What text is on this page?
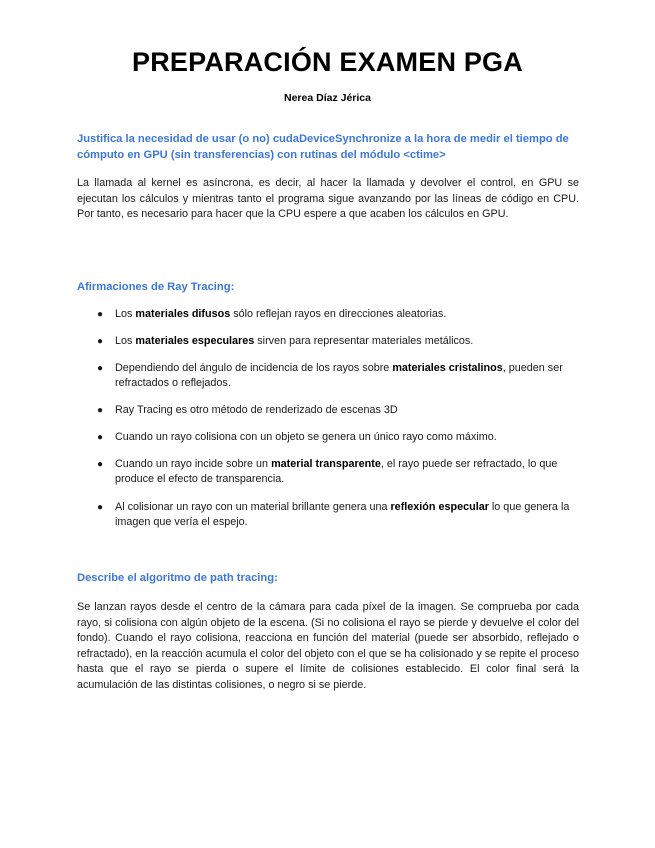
PREPARACIÓN EXAMEN PGA

Nerea Díaz Jérica

Justifica la necesidad de usar (o no) cudaDeviceSynchronize a la hora de medir el tiempo de cómputo en GPU (sin transferencias) con rutinas del módulo <ctime>

La llamada al kernel es asíncrona, es decir, al hacer la llamada y devolver el control, en GPU se ejecutan los cálculos y mientras tanto el programa sigue avanzando por las líneas de código en CPU. Por tanto, es necesario para hacer que la CPU espere a que acaben los cálculos en GPU.

Afirmaciones de Ray Tracing:

● Los materiales difusos sólo reflejan rayos en direcciones aleatorias.
● Los materiales especulares sirven para representar materiales metálicos.
● Dependiendo del ángulo de incidencia de los rayos sobre materiales cristalinos, pueden ser refractados o reflejados.
● Ray Tracing es otro método de renderizado de escenas 3D
● Cuando un rayo colisiona con un objeto se genera un único rayo como máximo.
● Cuando un rayo incide sobre un material transparente, el rayo puede ser refractado, lo que produce el efecto de transparencia.
● Al colisionar un rayo con un material brillante genera una reflexión especular lo que genera la imagen que vería el espejo.

Describe el algoritmo de path tracing:

Se lanzan rayos desde el centro de la cámara para cada píxel de la imagen. Se comprueba por cada rayo, si colisiona con algún objeto de la escena. (Si no colisiona el rayo se pierde y devuelve el color del fondo). Cuando el rayo colisiona, reacciona en función del material (puede ser absorbido, reflejado o refractado), en la reacción acumula el color del objeto con el que se ha colisionado y se repite el proceso hasta que el rayo se pierda o supere el límite de colisiones establecido. El color final será la acumulación de las distintas colisiones, o negro si se pierde.
